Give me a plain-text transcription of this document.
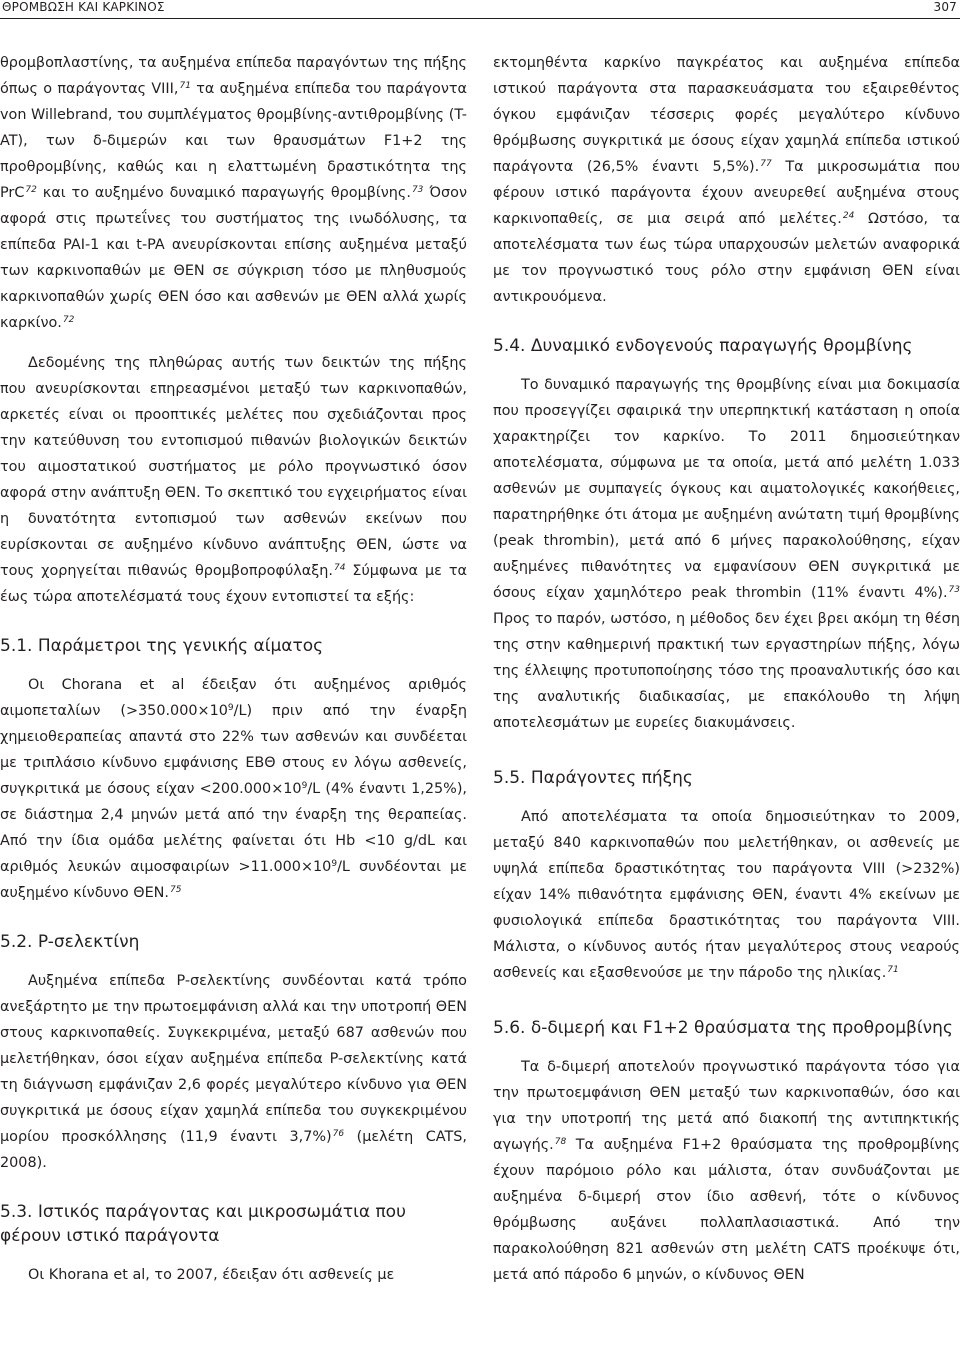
ΘΡΟΜΒΩΣΗ ΚΑΙ ΚΑΡΚΙΝΟΣ	307

θρομβοπλαστίνης, τα αυξημένα επίπεδα παραγόντων της πήξης όπως ο παράγοντας VIII,$^{71}$ τα αυξημένα επίπεδα του παράγοντα von Willebrand, του συμπλέγματος θρομβίνης-αντιθρομβίνης (T-AT), των δ-διμερών και των θραυσμάτων F1+2 της προθρομβίνης, καθώς και η ελαττωμένη δραστικότητα της PrC$^{72}$ και το αυξημένο δυναμικό παραγωγής θρομβίνης.$^{73}$ Όσον αφορά στις πρωτεΐνες του συστήματος της ινωδόλυσης, τα επίπεδα PAI-1 και t-PA ανευρίσκονται επίσης αυξημένα μεταξύ των καρκινοπαθών με ΘΕΝ σε σύγκριση τόσο με πληθυσμούς καρκινοπαθών χωρίς ΘΕΝ όσο και ασθενών με ΘΕΝ αλλά χωρίς καρκίνο.$^{72}$

Δεδομένης της πληθώρας αυτής των δεικτών της πήξης που ανευρίσκονται επηρεασμένοι μεταξύ των καρκινοπαθών, αρκετές είναι οι προοπτικές μελέτες που σχεδιάζονται προς την κατεύθυνση του εντοπισμού πιθανών βιολογικών δεικτών του αιμοστατικού συστήματος με ρόλο προγνωστικό όσον αφορά στην ανάπτυξη ΘΕΝ. Το σκεπτικό του εγχειρήματος είναι η δυνατότητα εντοπισμού των ασθενών εκείνων που ευρίσκονται σε αυξημένο κίνδυνο ανάπτυξης ΘΕΝ, ώστε να τους χορηγείται πιθανώς θρομβοπροφύλαξη.$^{74}$ Σύμφωνα με τα έως τώρα αποτελέσματά τους έχουν εντοπιστεί τα εξής:

5.1. Παράμετροι της γενικής αίματος

Οι Chorana et al έδειξαν ότι αυξημένος αριθμός αιμοπεταλίων $(>350.000\times 10^9/L)$ πριν από την έναρξη χημειοθεραπείας απαντά στο 22% των ασθενών και συνδέεται με τριπλάσιο κίνδυνο εμφάνισης ΕΒΘ στους εν λόγω ασθενείς, συγκριτικά με όσους $\varepsilon ί\chi\alpha\nu <200.000\times 10^9/L$ (4% έναντι 1,25%), σε διάστημα 2,4 μηνών μετά από την έναρξη της θεραπείας. Από την ίδια ομάδα μελέτης φαίνεται ότι Hb <10 g/dL και αριθμός λευκών $\alpha\iota\mu o\sigma\varphi\alpha\iota\rho ί\omega\nu >11.000\times 10^9/L$ συνδέονται με αυξημένο κίνδυνο ΘΕΝ.$^{75}$

5.2. P-σελεκτίνη

Αυξημένα επίπεδα P-σελεκτίνης συνδέονται κατά τρόπο ανεξάρτητο με την πρωτοεμφάνιση αλλά και την υποτροπή ΘΕΝ στους καρκινοπαθείς. Συγκεκριμένα, μεταξύ 687 ασθενών που μελετήθηκαν, όσοι είχαν αυξημένα επίπεδα P-σελεκτίνης κατά τη διάγνωση εμφάνιζαν 2,6 φορές μεγαλύτερο κίνδυνο για ΘΕΝ συγκριτικά με όσους είχαν χαμηλά επίπεδα του συγκεκριμένου μορίου προσκόλλησης (11,9 έναντι 3,7%)$^{76}$ (μελέτη CATS, 2008).

5.3. Ιστικός παράγοντας και μικροσωμάτια που φέρουν ιστικό παράγοντα

Οι Khorana et al, το 2007, έδειξαν ότι ασθενείς με

εκτομηθέντα καρκίνο παγκρέατος και αυξημένα επίπεδα ιστικού παράγοντα στα παρασκευάσματα του εξαιρεθέντος όγκου εμφάνιζαν τέσσερις φορές μεγαλύτερο κίνδυνο θρόμβωσης συγκριτικά με όσους είχαν χαμηλά επίπεδα ιστικού παράγοντα (26,5% έναντι 5,5%).$^{77}$ Τα μικροσωμάτια που φέρουν ιστικό παράγοντα έχουν ανευρεθεί αυξημένα στους καρκινοπαθείς, σε μια σειρά από μελέτες.$^{24}$ Ωστόσο, τα αποτελέσματα των έως τώρα υπαρχουσών μελετών αναφορικά με τον προγνωστικό τους ρόλο στην εμφάνιση ΘΕΝ είναι αντικρουόμενα.

5.4. Δυναμικό ενδογενούς παραγωγής θρομβίνης

Το δυναμικό παραγωγής της θρομβίνης είναι μια δοκιμασία που προσεγγίζει σφαιρικά την υπερπηκτική κατάσταση η οποία χαρακτηρίζει τον καρκίνο. Το 2011 δημοσιεύτηκαν αποτελέσματα, σύμφωνα με τα οποία, μετά από μελέτη 1.033 ασθενών με συμπαγείς όγκους και αιματολογικές κακοήθειες, παρατηρήθηκε ότι άτομα με αυξημένη ανώτατη τιμή θρομβίνης (peak thrombin), μετά από 6 μήνες παρακολούθησης, είχαν αυξημένες πιθανότητες να εμφανίσουν ΘΕΝ συγκριτικά με όσους είχαν χαμηλότερο peak thrombin (11% έναντι 4%).$^{73}$ Προς το παρόν, ωστόσο, η μέθοδος δεν έχει βρει ακόμη τη θέση της στην καθημερινή πρακτική των εργαστηρίων πήξης, λόγω της έλλειψης προτυποποίησης τόσο της προαναλυτικής όσο και της αναλυτικής διαδικασίας, με επακόλουθο τη λήψη αποτελεσμάτων με ευρείες διακυμάνσεις.

5.5. Παράγοντες πήξης

Από αποτελέσματα τα οποία δημοσιεύτηκαν το 2009, μεταξύ 840 καρκινοπαθών που μελετήθηκαν, οι ασθενείς με υψηλά επίπεδα δραστικότητας του παράγοντα VIII (>232%) είχαν 14% πιθανότητα εμφάνισης ΘΕΝ, έναντι 4% εκείνων με φυσιολογικά επίπεδα δραστικότητας του παράγοντα VIII. Μάλιστα, ο κίνδυνος αυτός ήταν μεγαλύτερος στους νεαρούς ασθενείς και εξασθενούσε με την πάροδο της ηλικίας.$^{71}$

5.6. δ-διμερή και F1+2 θραύσματα της προθρομβίνης

Τα δ-διμερή αποτελούν προγνωστικό παράγοντα τόσο για την πρωτοεμφάνιση ΘΕΝ μεταξύ των καρκινοπαθών, όσο και για την υποτροπή της μετά από διακοπή της αντιπηκτικής αγωγής.$^{78}$ Τα αυξημένα F1+2 θραύσματα της προθρομβίνης έχουν παρόμοιο ρόλο και μάλιστα, όταν συνδυάζονται με αυξημένα δ-διμερή στον ίδιο ασθενή, τότε ο κίνδυνος θρόμβωσης αυξάνει πολλαπλασιαστικά. Από την παρακολούθηση 821 ασθενών στη μελέτη CATS προέκυψε ότι, μετά από πάροδο 6 μηνών, ο κίνδυνος ΘΕΝ
